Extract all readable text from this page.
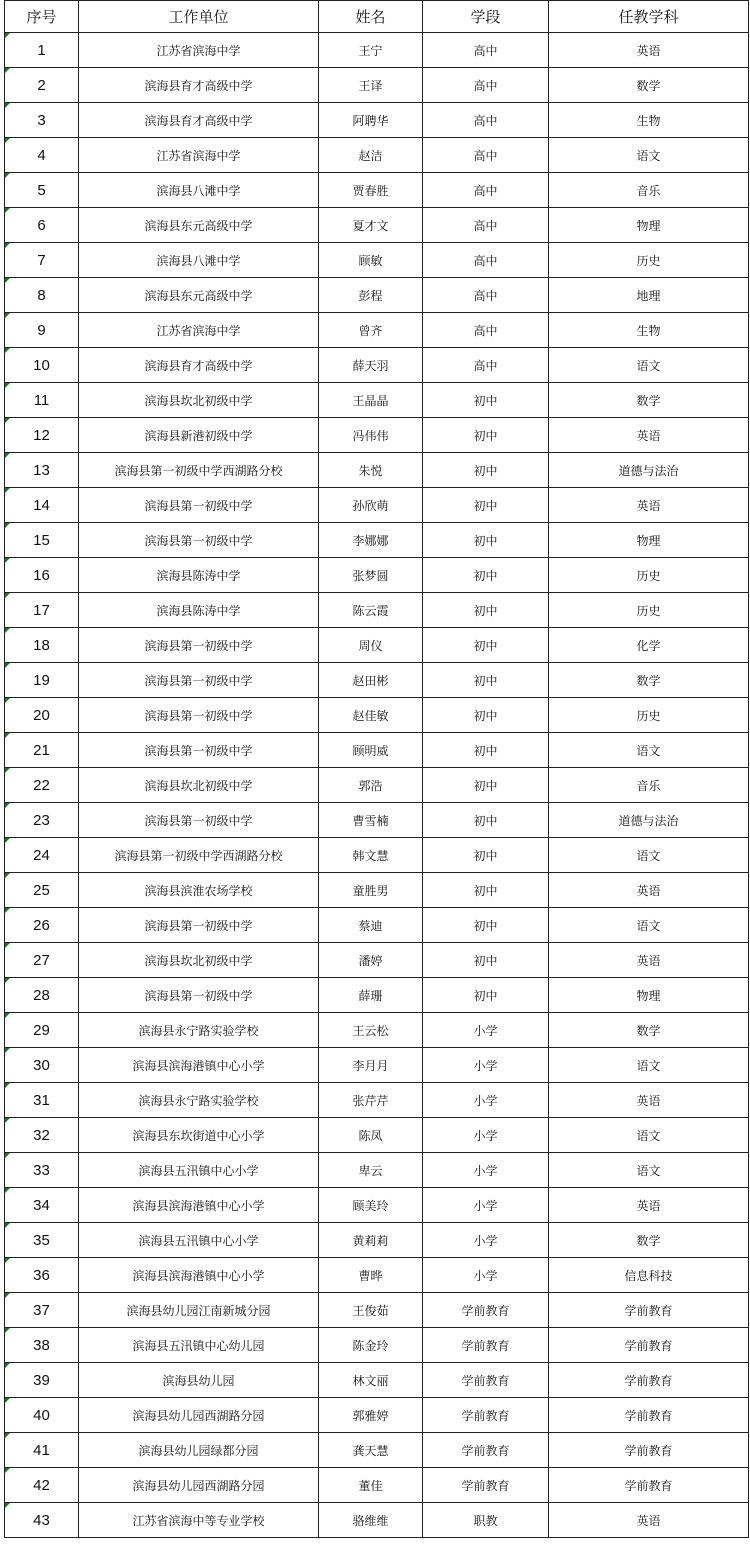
序号	工作单位	姓名	学段	任教学科
1	江苏省滨海中学	王宁	高中	英语
2	滨海县育才高级中学	王译	高中	数学
3	滨海县育才高级中学	阿聘华	高中	生物
4	江苏省滨海中学	赵洁	高中	语文
5	滨海县八滩中学	贾春胜	高中	音乐
6	滨海县东元高级中学	夏才文	高中	物理
7	滨海县八滩中学	顾敏	高中	历史
8	滨海县东元高级中学	彭程	高中	地理
9	江苏省滨海中学	曾齐	高中	生物
10	滨海县育才高级中学	薛天羽	高中	语文
11	滨海县坎北初级中学	王晶晶	初中	数学
12	滨海县新港初级中学	冯伟伟	初中	英语
13	滨海县第一初级中学西湖路分校	朱悦	初中	道德与法治
14	滨海县第一初级中学	孙欣萌	初中	英语
15	滨海县第一初级中学	李娜娜	初中	物理
16	滨海县陈涛中学	张梦圆	初中	历史
17	滨海县陈涛中学	陈云霞	初中	历史
18	滨海县第一初级中学	周仪	初中	化学
19	滨海县第一初级中学	赵田彬	初中	数学
20	滨海县第一初级中学	赵佳敏	初中	历史
21	滨海县第一初级中学	顾明威	初中	语文
22	滨海县坎北初级中学	郭浩	初中	音乐
23	滨海县第一初级中学	曹雪楠	初中	道德与法治
24	滨海县第一初级中学西湖路分校	韩文慧	初中	语文
25	滨海县滨淮农场学校	童胜男	初中	英语
26	滨海县第一初级中学	蔡迪	初中	语文
27	滨海县坎北初级中学	潘婷	初中	英语
28	滨海县第一初级中学	薛珊	初中	物理
29	滨海县永宁路实验学校	王云松	小学	数学
30	滨海县滨海港镇中心小学	李月月	小学	语文
31	滨海县永宁路实验学校	张芹芹	小学	英语
32	滨海县东坎街道中心小学	陈凤	小学	语文
33	滨海县五汛镇中心小学	卑云	小学	语文
34	滨海县滨海港镇中心小学	顾美玲	小学	英语
35	滨海县五汛镇中心小学	黄莉莉	小学	数学
36	滨海县滨海港镇中心小学	曹晔	小学	信息科技
37	滨海县幼儿园江南新城分园	王俊茹	学前教育	学前教育
38	滨海县五汛镇中心幼儿园	陈金玲	学前教育	学前教育
39	滨海县幼儿园	林文丽	学前教育	学前教育
40	滨海县幼儿园西湖路分园	郭雅婷	学前教育	学前教育
41	滨海县幼儿园绿都分园	龚天慧	学前教育	学前教育
42	滨海县幼儿园西湖路分园	董佳	学前教育	学前教育
43	江苏省滨海中等专业学校	骆维维	职教	英语
